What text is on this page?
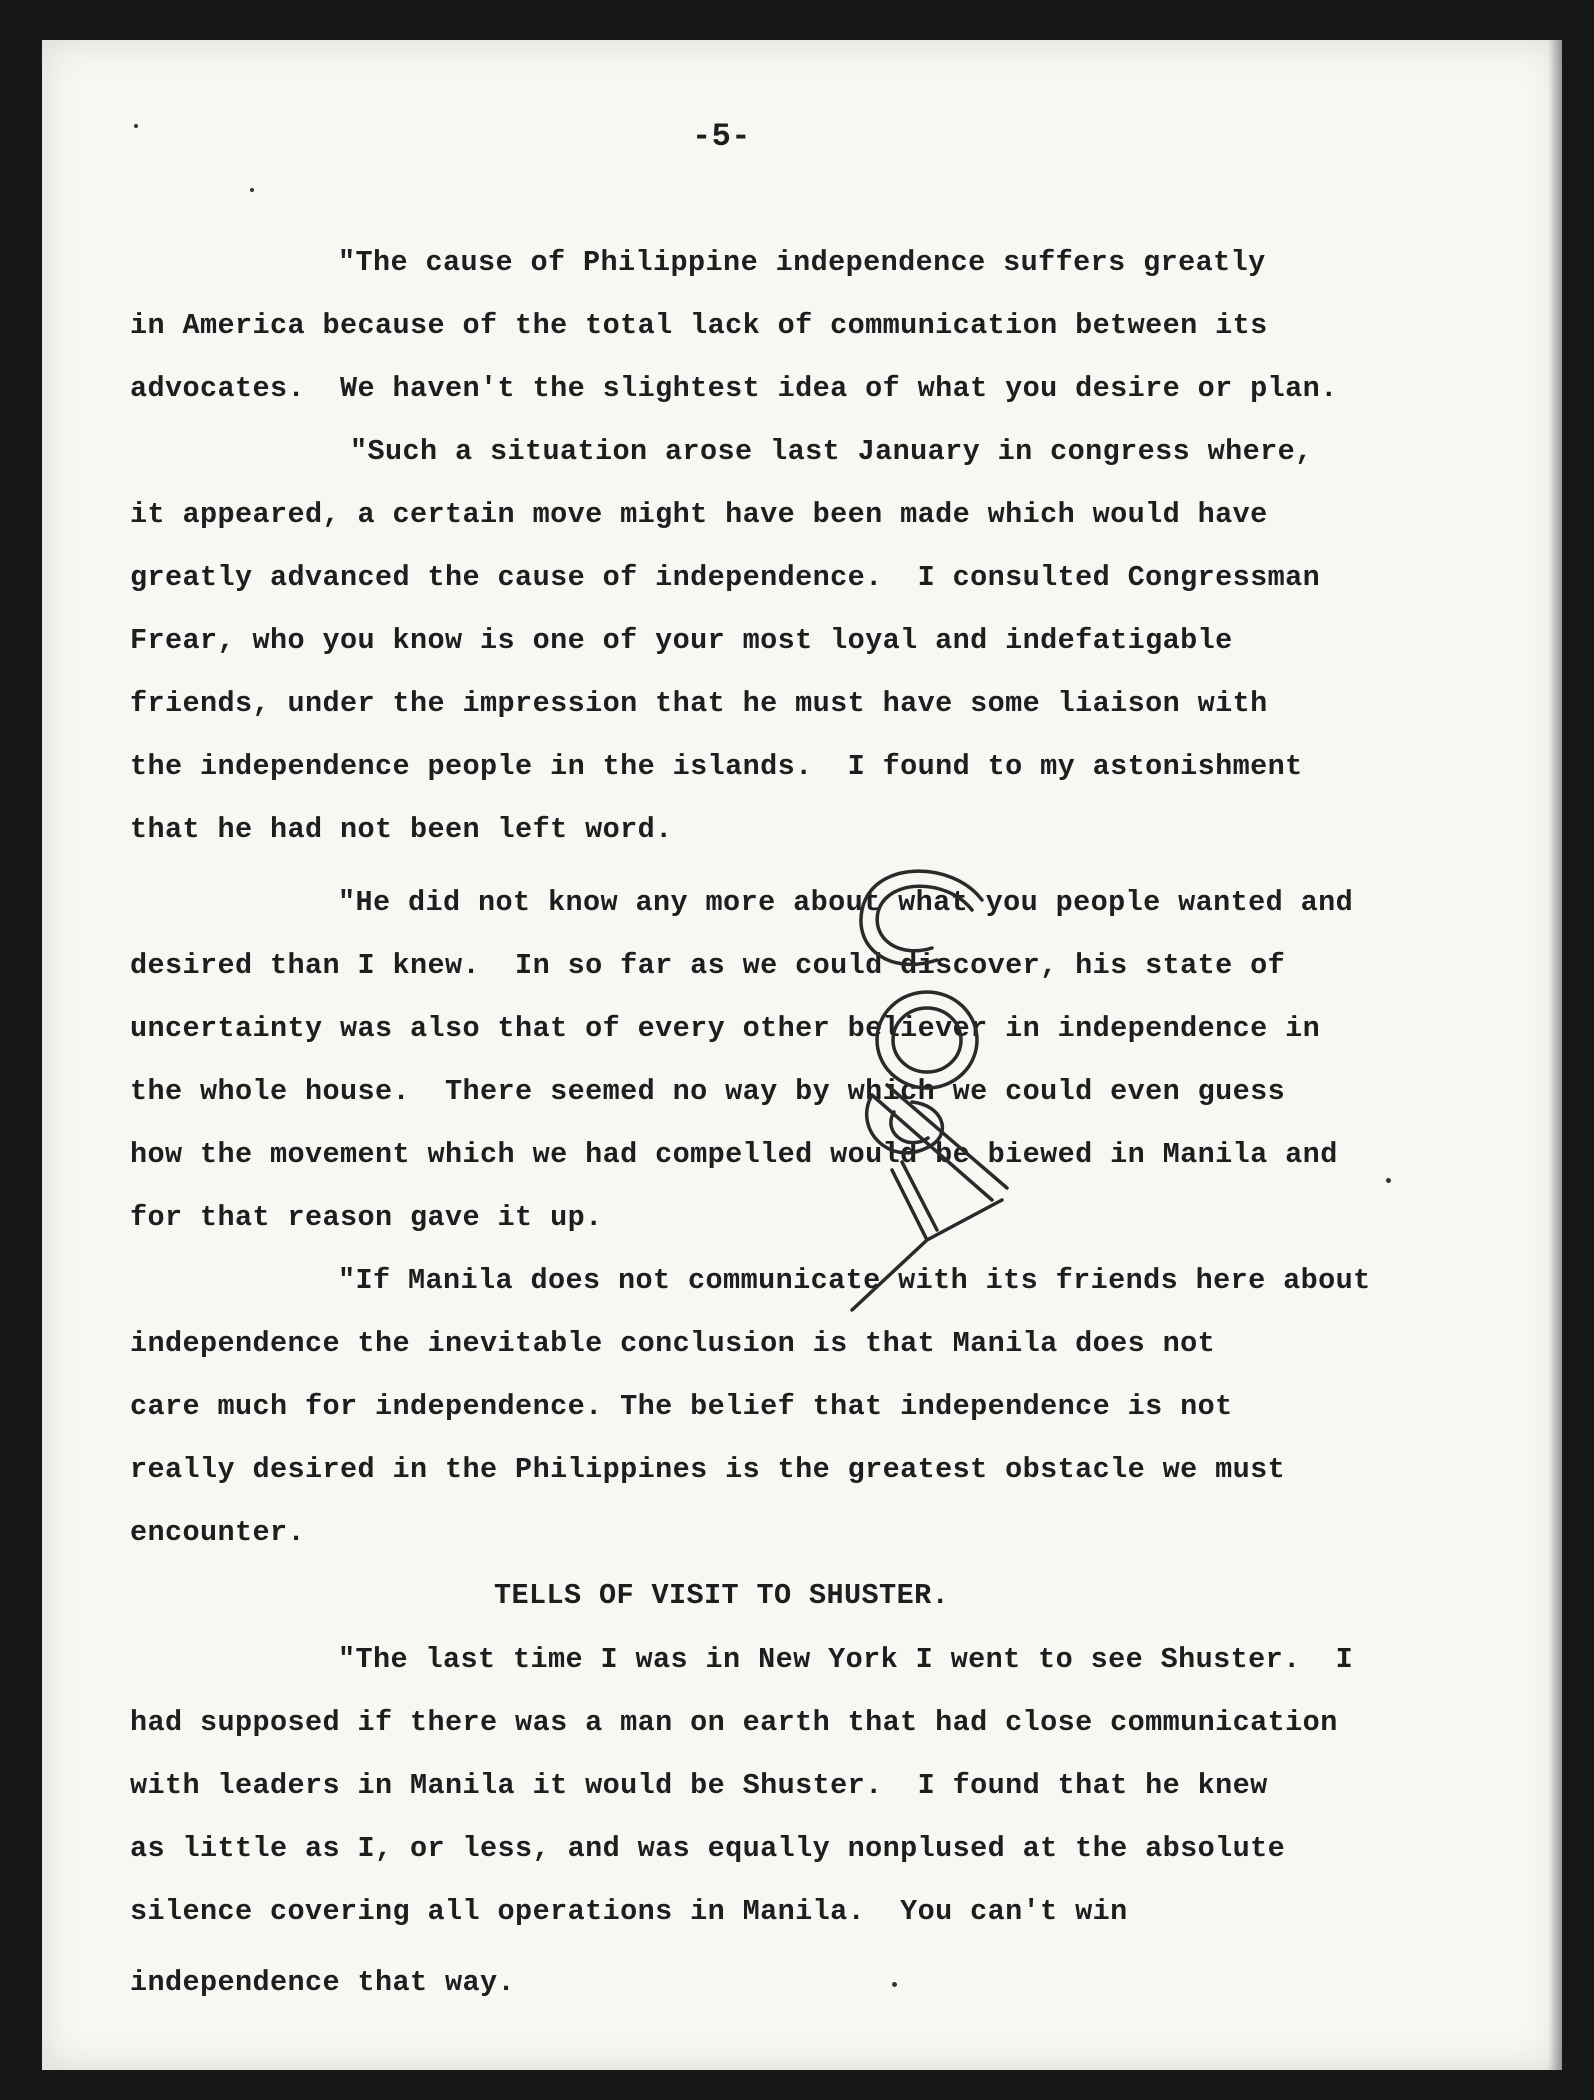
-5-
"The cause of Philippine independence suffers greatly
in America because of the total lack of communication between its
advocates.  We haven't the slightest idea of what you desire or plan.
"Such a situation arose last January in congress where,
it appeared, a certain move might have been made which would have
greatly advanced the cause of independence.  I consulted Congressman
Frear, who you know is one of your most loyal and indefatigable
friends, under the impression that he must have some liaison with
the independence people in the islands.  I found to my astonishment
that he had not been left word.
"He did not know any more about what you people wanted and
desired than I knew.  In so far as we could discover, his state of
uncertainty was also that of every other believer in independence in
the whole house.  There seemed no way by which we could even guess
how the movement which we had compelled would be biewed in Manila and
for that reason gave it up.
"If Manila does not communicate with its friends here about
independence the inevitable conclusion is that Manila does not
care much for independence. The belief that independence is not
really desired in the Philippines is the greatest obstacle we must
encounter.
TELLS OF VISIT TO SHUSTER.
"The last time I was in New York I went to see Shuster.  I
had supposed if there was a man on earth that had close communication
with leaders in Manila it would be Shuster.  I found that he knew
as little as I, or less, and was equally nonplused at the absolute
silence covering all operations in Manila.  You can't win
independence that way.
